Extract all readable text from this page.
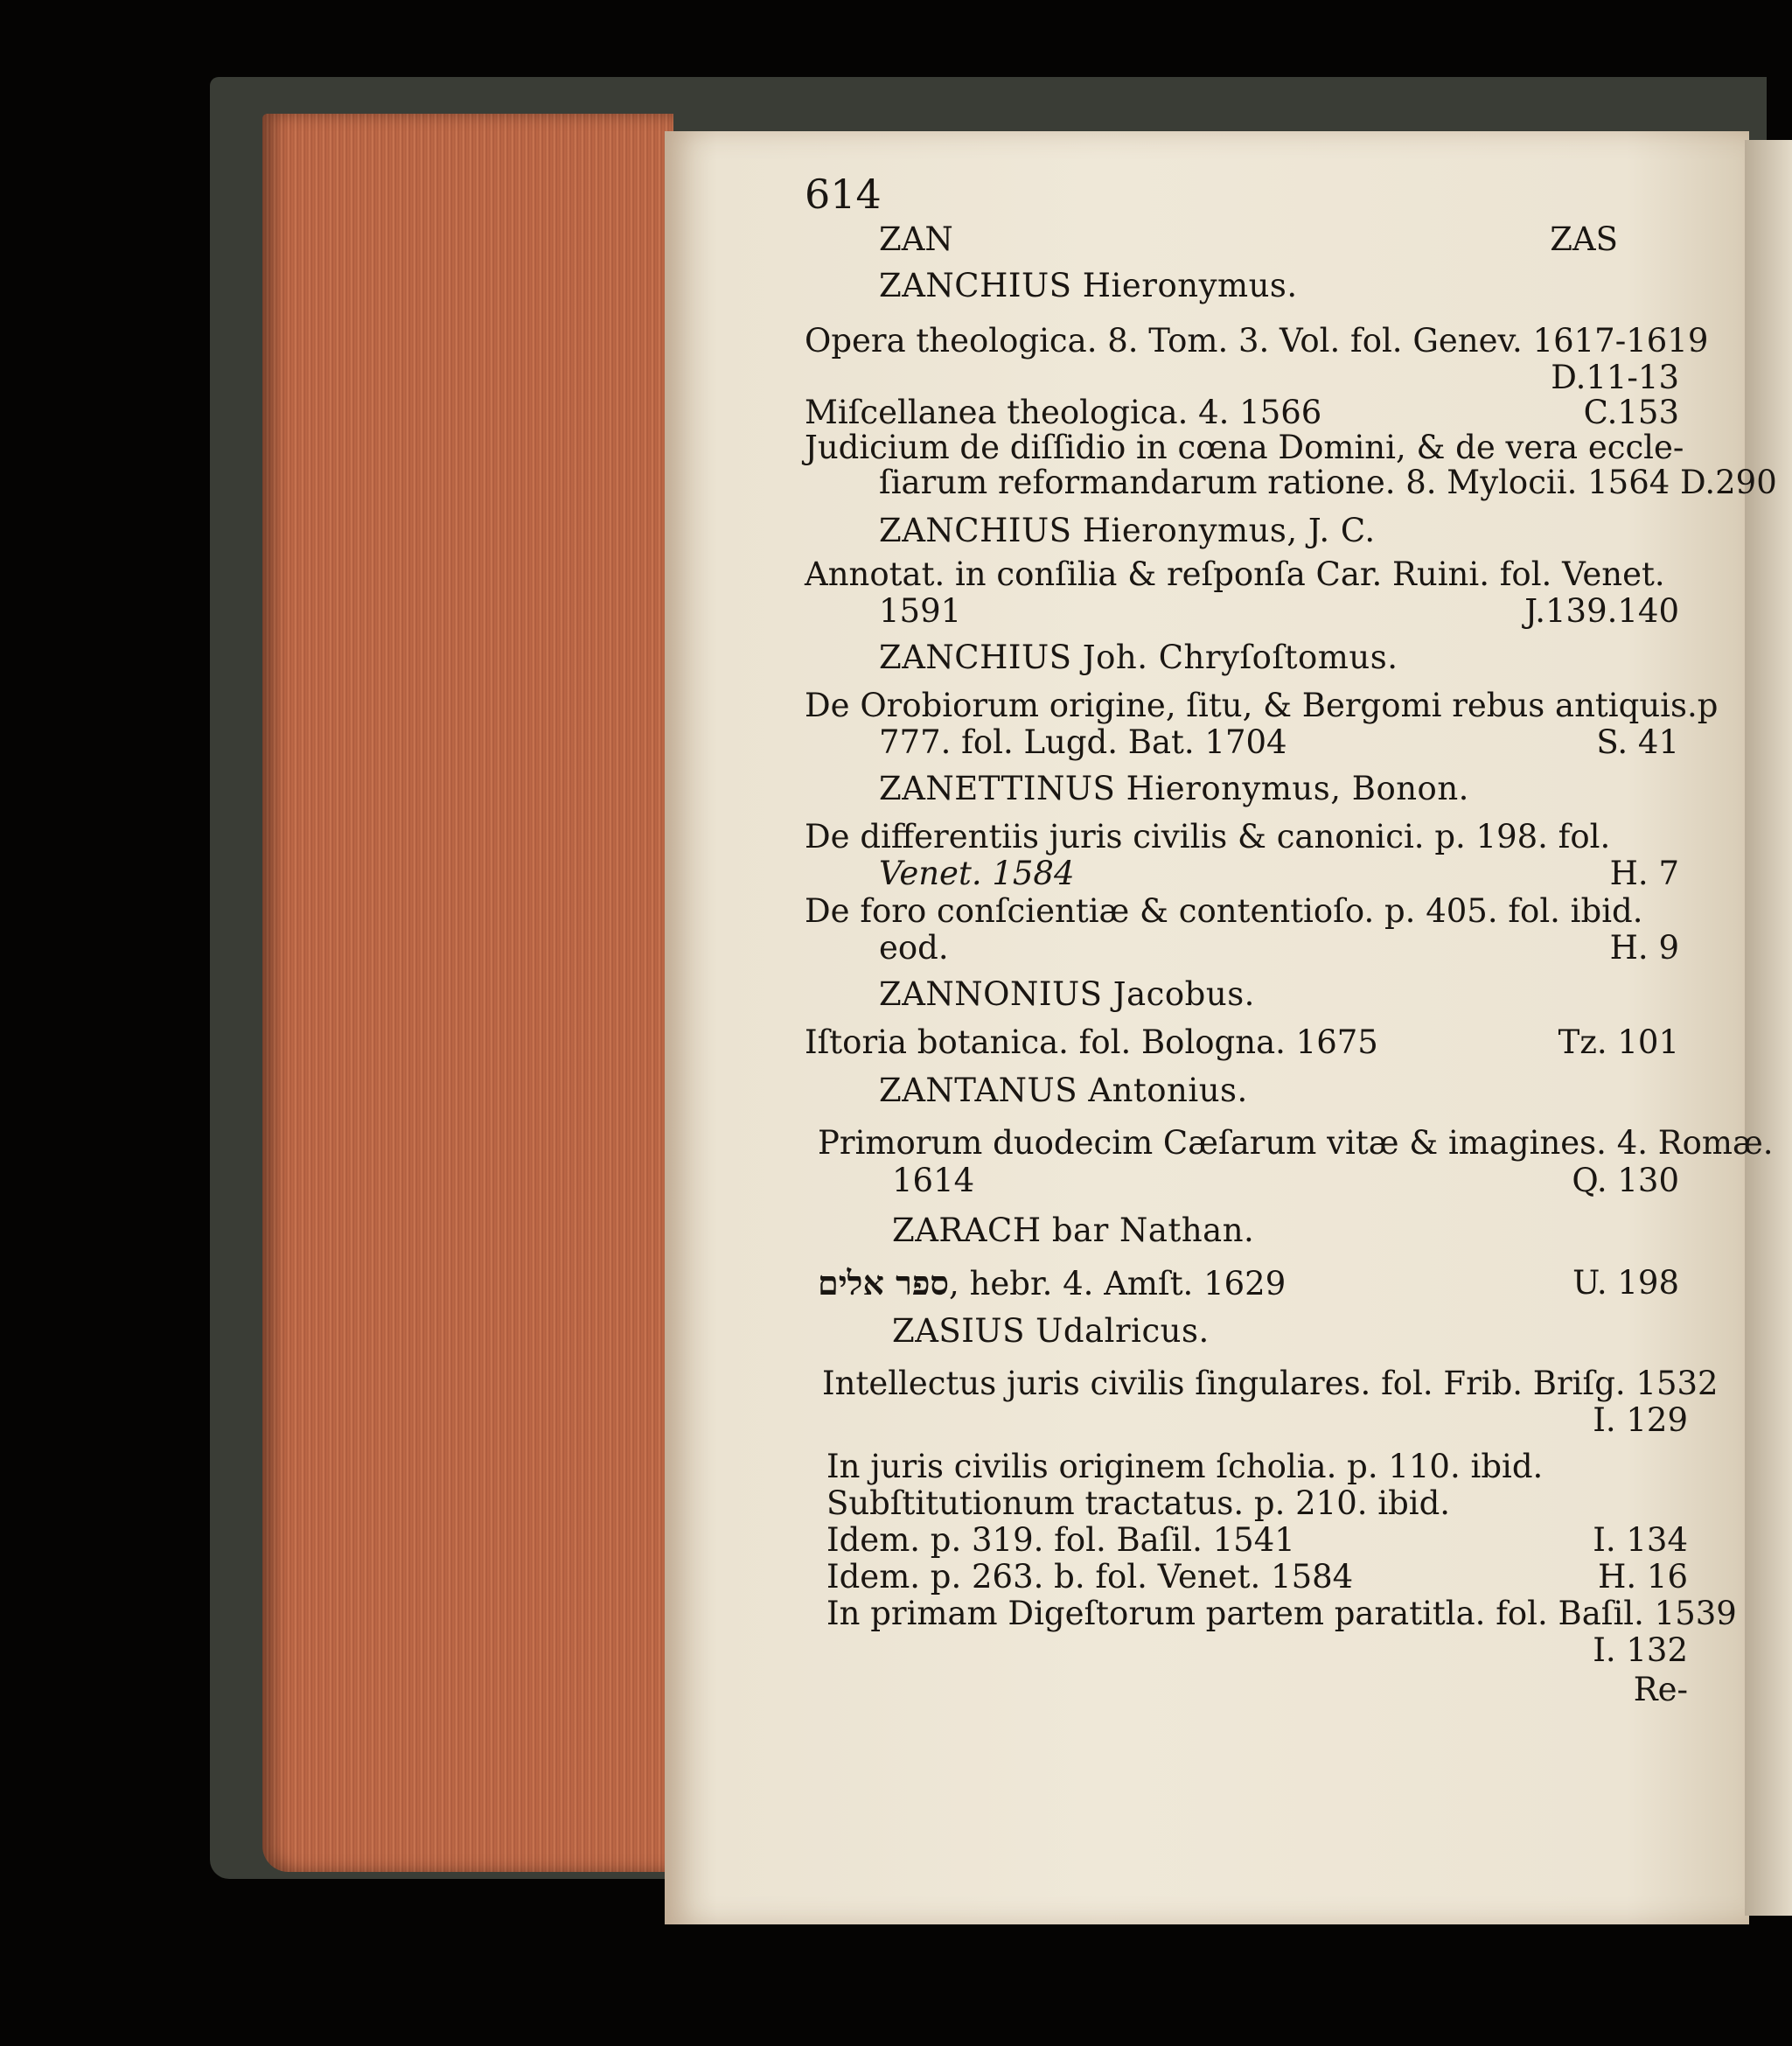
614
ZAN	ZAS
ZANCHIUS Hieronymus.
Opera theologica. 8. Tom. 3. Vol. fol. Genev. 1617-1619
D.11-13
Miſcellanea theologica. 4. 1566	C.153
Judicium de diſſidio in cœna Domini, & de vera eccle-
ſiarum reformandarum ratione. 8. Mylocii. 1564 D.290
ZANCHIUS Hieronymus, J. C.
Annotat. in conſilia & reſponſa Car. Ruini. fol. Venet.
1591	J.139.140
ZANCHIUS Joh. Chryſoſtomus.
De Orobiorum origine, ſitu, & Bergomi rebus antiquis.p
777. fol. Lugd. Bat. 1704	S. 41
ZANETTINUS Hieronymus, Bonon.
De differentiis juris civilis & canonici. p. 198. fol.
Venet. 1584	H. 7
De foro conſcientiæ & contentioſo. p. 405. fol. ibid.
eod.	H. 9
ZANNONIUS Jacobus.
Iſtoria botanica. fol. Bologna. 1675	Tz. 101
ZANTANUS Antonius.
Primorum duodecim Cæſarum vitæ & imagines. 4. Romæ.
1614	Q. 130
ZARACH bar Nathan.
ספר אלים, hebr. 4. Amſt. 1629	U. 198
ZASIUS Udalricus.
Intellectus juris civilis ſingulares. fol. Frib. Briſg. 1532
I. 129
In juris civilis originem ſcholia. p. 110. ibid.
Subſtitutionum tractatus. p. 210. ibid.
Idem. p. 319. fol. Baſil. 1541	I. 134
Idem. p. 263. b. fol. Venet. 1584	H. 16
In primam Digeſtorum partem paratitla. fol. Baſil. 1539
I. 132
Re-
